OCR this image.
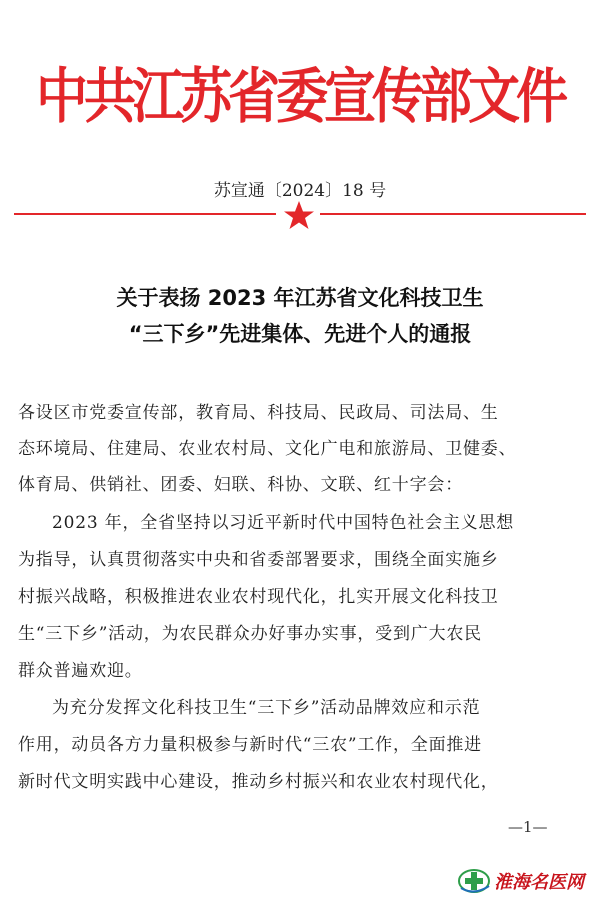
中共江苏省委宣传部文件
苏宣通〔2024〕18 号
关于表扬 2023 年江苏省文化科技卫生
“三下乡”先进集体、先进个人的通报
各设区市党委宣传部，教育局、科技局、民政局、司法局、生
态环境局、住建局、农业农村局、文化广电和旅游局、卫健委、
体育局、供销社、团委、妇联、科协、文联、红十字会：
2023 年，全省坚持以习近平新时代中国特色社会主义思想
为指导，认真贯彻落实中央和省委部署要求，围绕全面实施乡
村振兴战略，积极推进农业农村现代化，扎实开展文化科技卫
生“三下乡”活动，为农民群众办好事办实事，受到广大农民
群众普遍欢迎。
为充分发挥文化科技卫生“三下乡”活动品牌效应和示范
作用，动员各方力量积极参与新时代“三农”工作，全面推进
新时代文明实践中心建设，推动乡村振兴和农业农村现代化，
—1—
淮海名医网
